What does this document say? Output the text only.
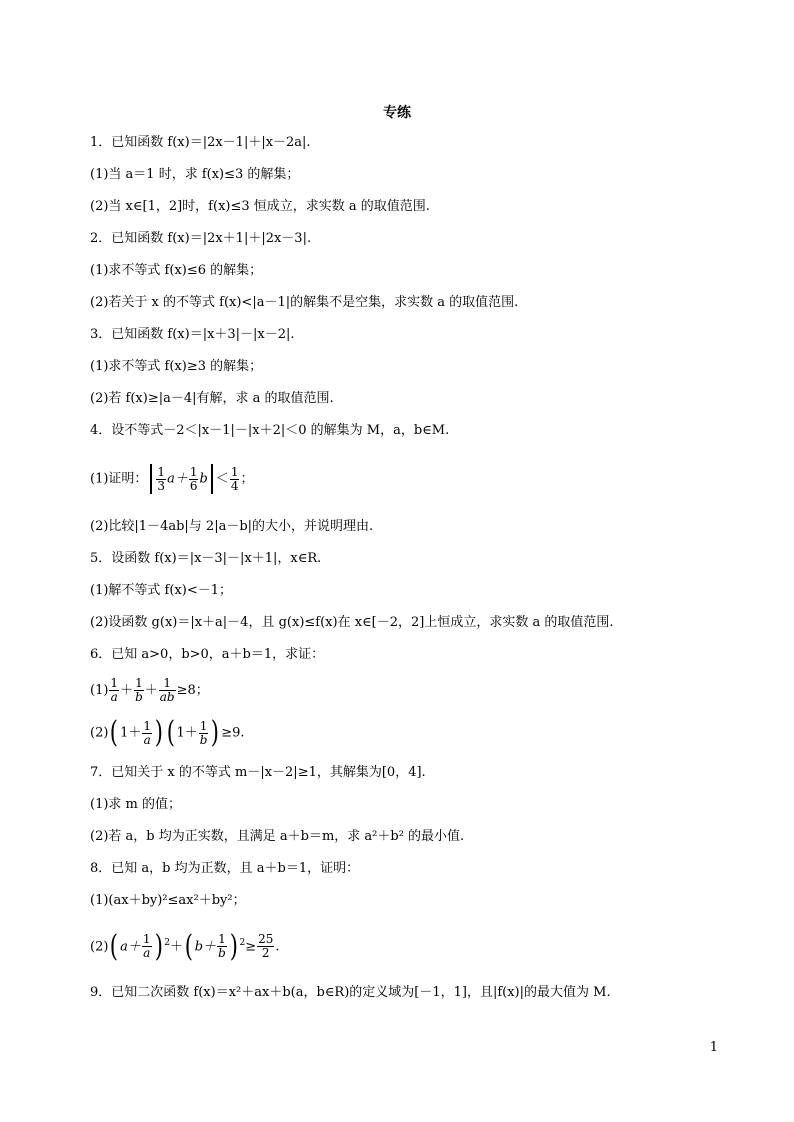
专练
1．已知函数 f(x)＝|2x－1|＋|x－2a|.
(1)当 a＝1 时，求 f(x)≤3 的解集；
(2)当 x∈[1，2]时，f(x)≤3 恒成立，求实数 a 的取值范围.
2．已知函数 f(x)＝|2x＋1|＋|2x－3|.
(1)求不等式 f(x)≤6 的解集；
(2)若关于 x 的不等式 f(x)<|a－1|的解集不是空集，求实数 a 的取值范围.
3．已知函数 f(x)＝|x＋3|－|x－2|.
(1)求不等式 f(x)≥3 的解集；
(2)若 f(x)≥|a－4|有解，求 a 的取值范围.
4．设不等式－2＜|x－1|－|x＋2|＜0 的解集为 M，a，b∈M.
(1)证明： $\frac{1}{3} a+ \frac{1}{6}$ $b < \frac{1}{4}$ ；
(2)比较|1－4ab|与 2|a－b|的大小，并说明理由.
5．设函数 f(x)＝|x－3|－|x＋1|，x∈R.
(1)解不等式 f(x)<－1；
(2)设函数 g(x)＝|x＋a|－4，且 g(x)≤f(x)在 x∈[－2，2]上恒成立，求实数 a 的取值范围.
6．已知 a>0，b>0，a＋b＝1，求证：
$(1) \frac{1}{a} + \frac{1}{b} + \frac{1}{ab} \ge 8$；
(2)( $1+ \frac{1}{a}$ ) ( $1+ \frac{1}{b}$ ) ≥9.
7．已知关于 x 的不等式 m－|x－2|≥1，其解集为[0，4].
(1)求 m 的值；
(2)若 a，b 均为正实数，且满足 a＋b＝m，求 a²＋b² 的最小值.
8．已知 a，b 均为正数，且 a＋b＝1，证明：
(1)(ax＋by)²≤ax²＋by²；
(2)( $a+ \frac{1}{a}$ ) $^2$＋( $b+ \frac{1}{b}$ ) $^2\ge \frac{25}{2}$ .
9．已知二次函数 f(x)＝x²＋ax＋b(a，b∈R)的定义域为[－1，1]，且|f(x)|的最大值为 M.
1
